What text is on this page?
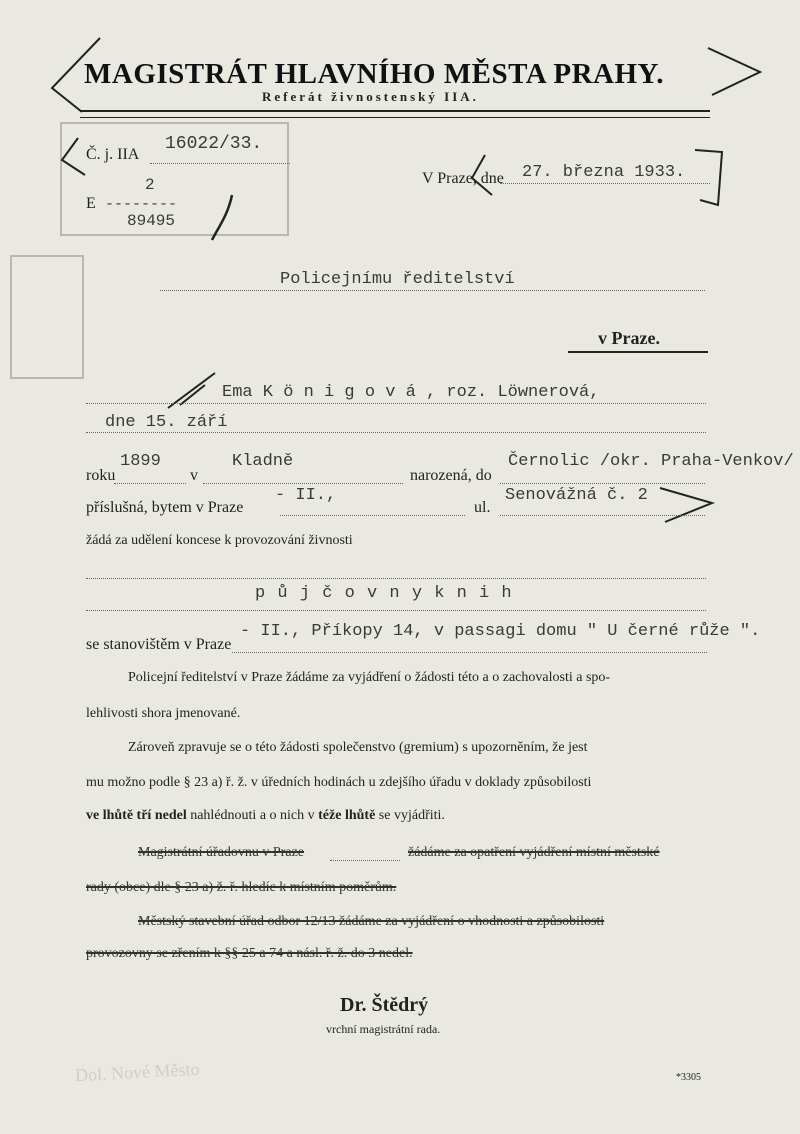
MAGISTRÁT HLAVNÍHO MĚSTA PRAHY.
Referát živnostenský IIA.
Č. j. IIA
16022/33.
E
2
--------
89495
V Praze, dne 27. března 1933.
Policejnímu ředitelství
v Praze.
Ema K ö n i g o v á , roz. Löwnerová,
dne 15. září
roku
1899
v
Kladně
narozená, do
Černolic /okr. Praha-Venkov/
příslušná, bytem v Praze
- II.,
ul.
Senovážná č. 2
žádá za udělení koncese k provozování živnosti
p ů j č o v n y k n i h
se stanovištěm v Praze
- II., Příkopy 14, v passagi domu " U černé růže ".
Policejní ředitelství v Praze žádáme za vyjádření o žádosti této a o zachovalosti a spo-
lehlivosti shora jmenované.
Zároveň zpravuje se o této žádosti společenstvo (gremium) s upozorněním, že jest
mu možno podle § 23 a) ř. ž. v úředních hodinách u zdejšího úřadu v doklady způsobilosti
ve lhůtě tří nedel nahlédnouti a o nich v téže lhůtě se vyjádřiti.
Magistrátní úřadovnu v Praze	žádáme za opatření vyjádření místní městské
rady (obce) dle § 23 a) ž. ř. hledíc k místním poměrům.
Městský stavební úřad odbor 12/13 žádáme za vyjádření o vhodnosti a způsobilosti
provozovny se zřením k §§ 25 a 74 a násl. ř. ž. do 3 nedel.
Dr. Štědrý
vrchní magistrátní rada.
Dol. Nové Město	*3305
